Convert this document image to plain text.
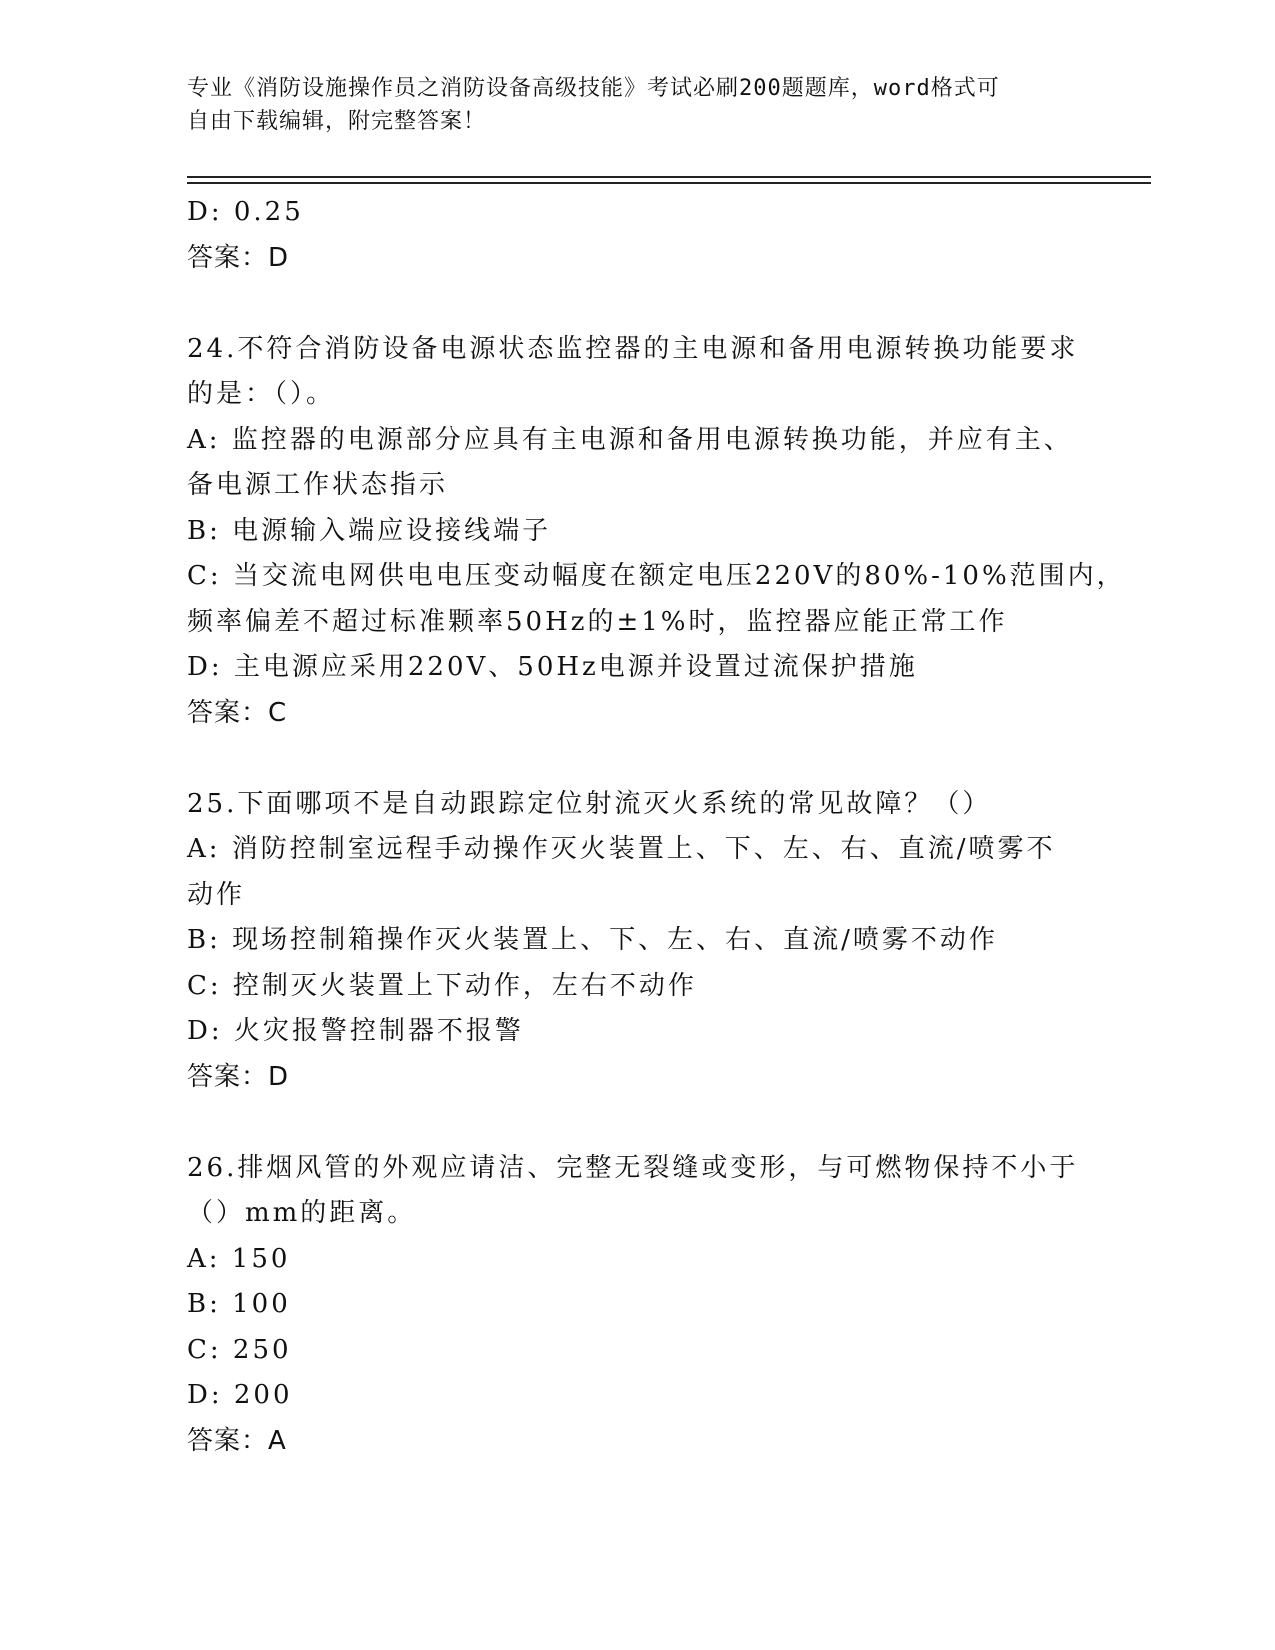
专业《消防设施操作员之消防设备高级技能》考试必刷200题题库，word格式可
自由下载编辑，附完整答案！
D: 0.25
答案：D
24.不符合消防设备电源状态监控器的主电源和备用电源转换功能要求
的是：（）。
A: 监控器的电源部分应具有主电源和备用电源转换功能，并应有主、
备电源工作状态指示
B: 电源输入端应设接线端子
C: 当交流电网供电电压变动幅度在额定电压220V的80%-10%范围内，
频率偏差不超过标准颗率50Hz的±1%时，监控器应能正常工作
D: 主电源应采用220V、50Hz电源并设置过流保护措施
答案：C
25.下面哪项不是自动跟踪定位射流灭火系统的常见故障？（）
A: 消防控制室远程手动操作灭火装置上、下、左、右、直流/喷雾不
动作
B: 现场控制箱操作灭火装置上、下、左、右、直流/喷雾不动作
C: 控制灭火装置上下动作，左右不动作
D: 火灾报警控制器不报警
答案：D
26.排烟风管的外观应请洁、完整无裂缝或变形，与可燃物保持不小于
（）mm的距离。
A: 150
B: 100
C: 250
D: 200
答案：A
